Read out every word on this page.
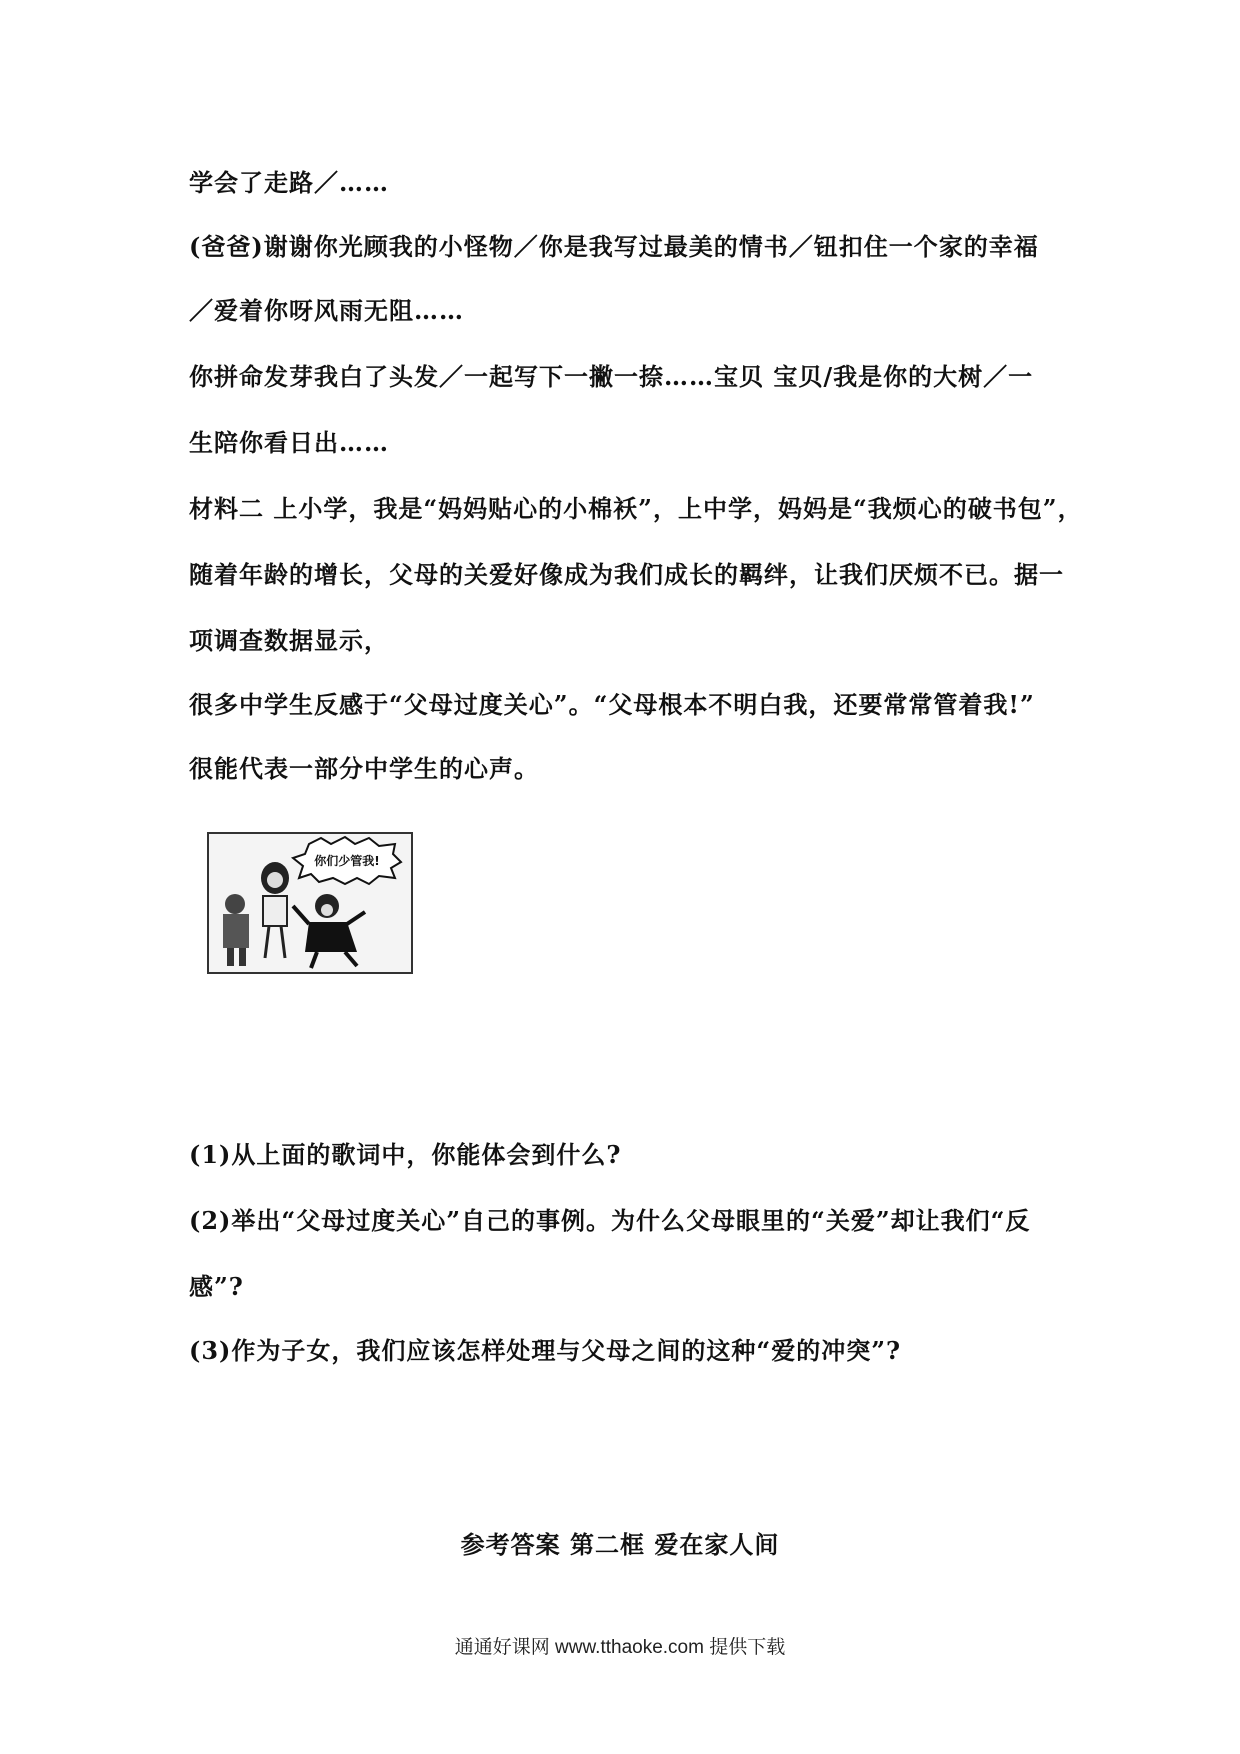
学会了走路／……
(爸爸)谢谢你光顾我的小怪物／你是我写过最美的情书／钮扣住一个家的幸福
／爱着你呀风雨无阻……
你拼命发芽我白了头发／一起写下一撇一捺……宝贝 宝贝/我是你的大树／一
生陪你看日出……
材料二 上小学，我是“妈妈贴心的小棉袄”，上中学，妈妈是“我烦心的破书包”，
随着年龄的增长，父母的关爱好像成为我们成长的羁绊，让我们厌烦不已。据一
项调查数据显示，
很多中学生反感于“父母过度关心”。“父母根本不明白我，还要常常管着我!”
很能代表一部分中学生的心声。
你们少管我!
(1)从上面的歌词中，你能体会到什么?
(2)举出“父母过度关心”自己的事例。为什么父母眼里的“关爱”却让我们“反
感”?
(3)作为子女，我们应该怎样处理与父母之间的这种“爱的冲突”?
参考答案 第二框 爱在家人间
通通好课网 www.tthaoke.com 提供下载
